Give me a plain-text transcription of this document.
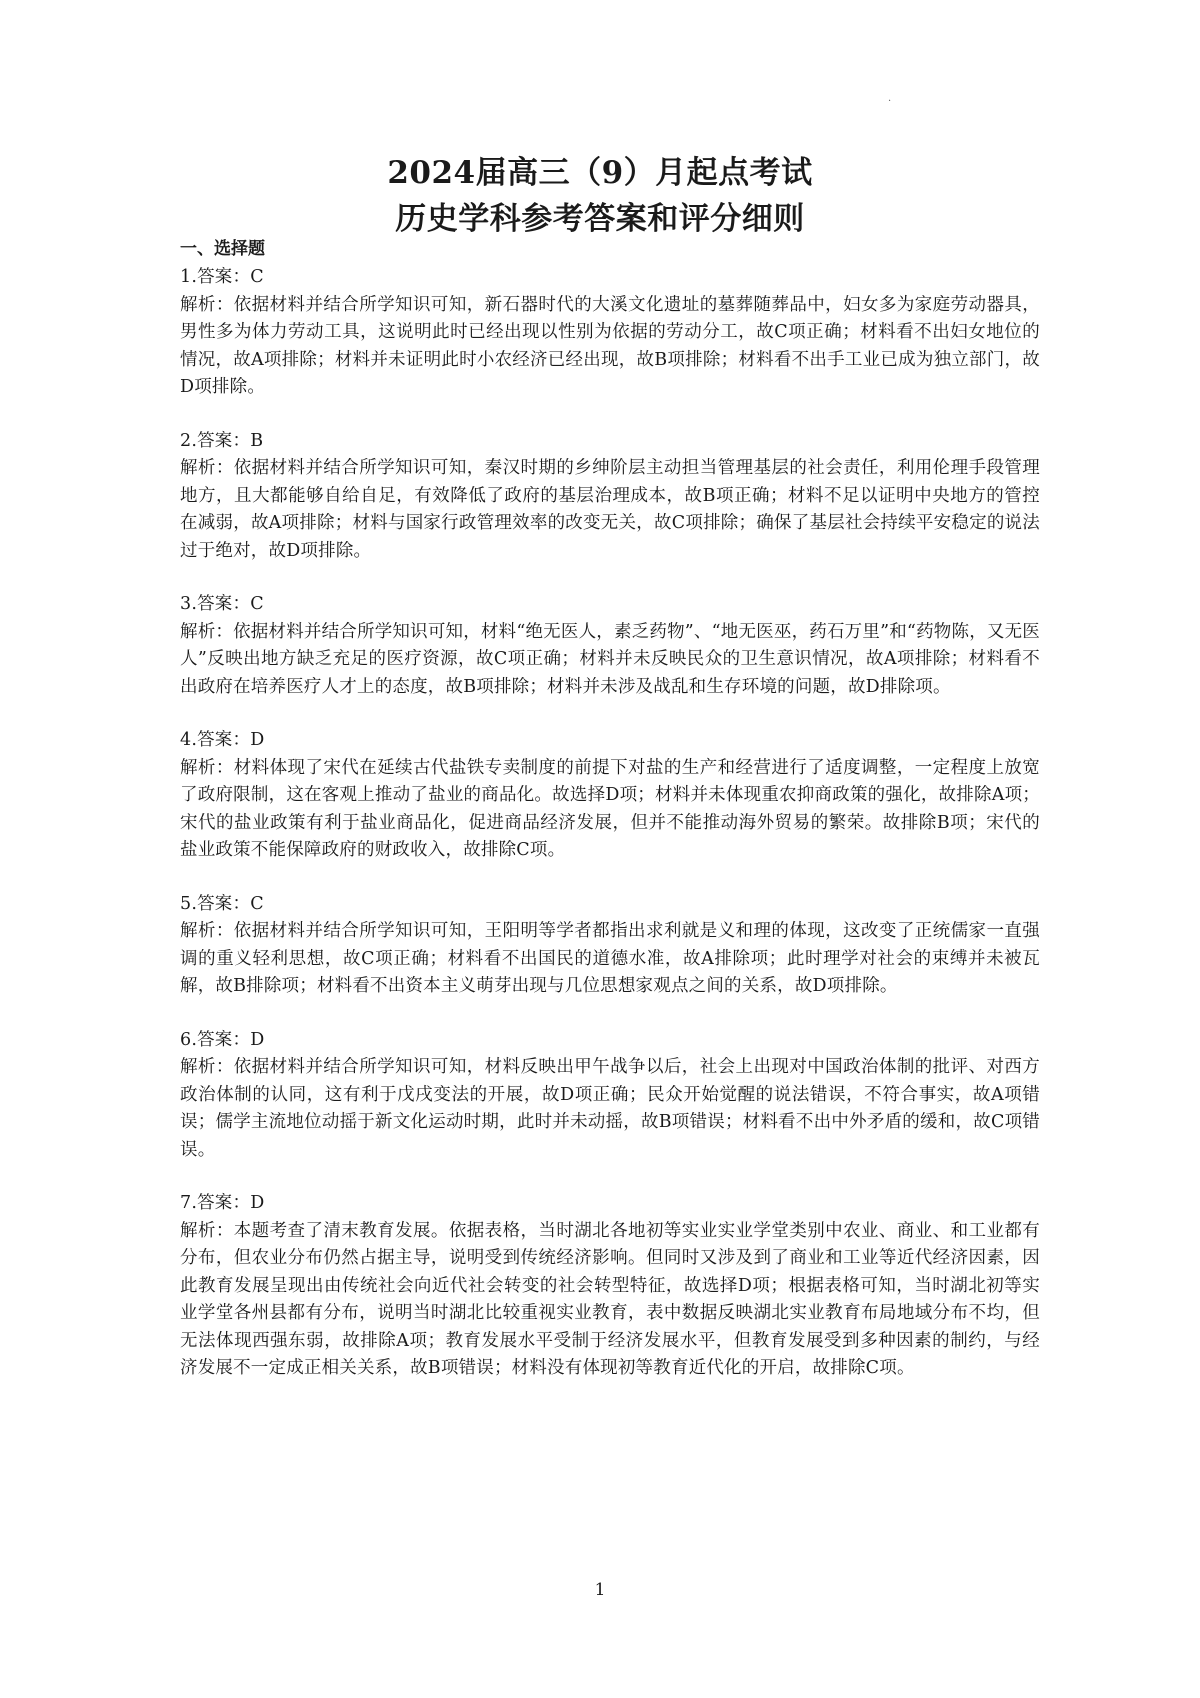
·

2024届高三（9）月起点考试

历史学科参考答案和评分细则

一、选择题

1.答案：C

解析：依据材料并结合所学知识可知，新石器时代的大溪文化遗址的墓葬随葬品中，妇女多为家庭劳动器具，男性多为体力劳动工具，这说明此时已经出现以性别为依据的劳动分工，故C项正确；材料看不出妇女地位的情况，故A项排除；材料并未证明此时小农经济已经出现，故B项排除；材料看不出手工业已成为独立部门，故D项排除。

2.答案：B

解析：依据材料并结合所学知识可知，秦汉时期的乡绅阶层主动担当管理基层的社会责任，利用伦理手段管理地方，且大都能够自给自足，有效降低了政府的基层治理成本，故B项正确；材料不足以证明中央地方的管控在减弱，故A项排除；材料与国家行政管理效率的改变无关，故C项排除；确保了基层社会持续平安稳定的说法过于绝对，故D项排除。

3.答案：C

解析：依据材料并结合所学知识可知，材料“绝无医人，素乏药物”、“地无医巫，药石万里”和“药物陈，又无医人”反映出地方缺乏充足的医疗资源，故C项正确；材料并未反映民众的卫生意识情况，故A项排除；材料看不出政府在培养医疗人才上的态度，故B项排除；材料并未涉及战乱和生存环境的问题，故D排除项。

4.答案：D

解析：材料体现了宋代在延续古代盐铁专卖制度的前提下对盐的生产和经营进行了适度调整，一定程度上放宽了政府限制，这在客观上推动了盐业的商品化。故选择D项；材料并未体现重农抑商政策的强化，故排除A项；宋代的盐业政策有利于盐业商品化，促进商品经济发展，但并不能推动海外贸易的繁荣。故排除B项；宋代的盐业政策不能保障政府的财政收入，故排除C项。

5.答案：C

解析：依据材料并结合所学知识可知，王阳明等学者都指出求利就是义和理的体现，这改变了正统儒家一直强调的重义轻利思想，故C项正确；材料看不出国民的道德水准，故A排除项；此时理学对社会的束缚并未被瓦解，故B排除项；材料看不出资本主义萌芽出现与几位思想家观点之间的关系，故D项排除。

6.答案：D

解析：依据材料并结合所学知识可知，材料反映出甲午战争以后，社会上出现对中国政治体制的批评、对西方政治体制的认同，这有利于戊戌变法的开展，故D项正确；民众开始觉醒的说法错误，不符合事实，故A项错误；儒学主流地位动摇于新文化运动时期，此时并未动摇，故B项错误；材料看不出中外矛盾的缓和，故C项错误。

7.答案：D

解析：本题考查了清末教育发展。依据表格，当时湖北各地初等实业实业学堂类别中农业、商业、和工业都有分布，但农业分布仍然占据主导，说明受到传统经济影响。但同时又涉及到了商业和工业等近代经济因素，因此教育发展呈现出由传统社会向近代社会转变的社会转型特征，故选择D项；根据表格可知，当时湖北初等实业学堂各州县都有分布，说明当时湖北比较重视实业教育，表中数据反映湖北实业教育布局地域分布不均，但无法体现西强东弱，故排除A项；教育发展水平受制于经济发展水平，但教育发展受到多种因素的制约，与经济发展不一定成正相关关系，故B项错误；材料没有体现初等教育近代化的开启，故排除C项。

1
